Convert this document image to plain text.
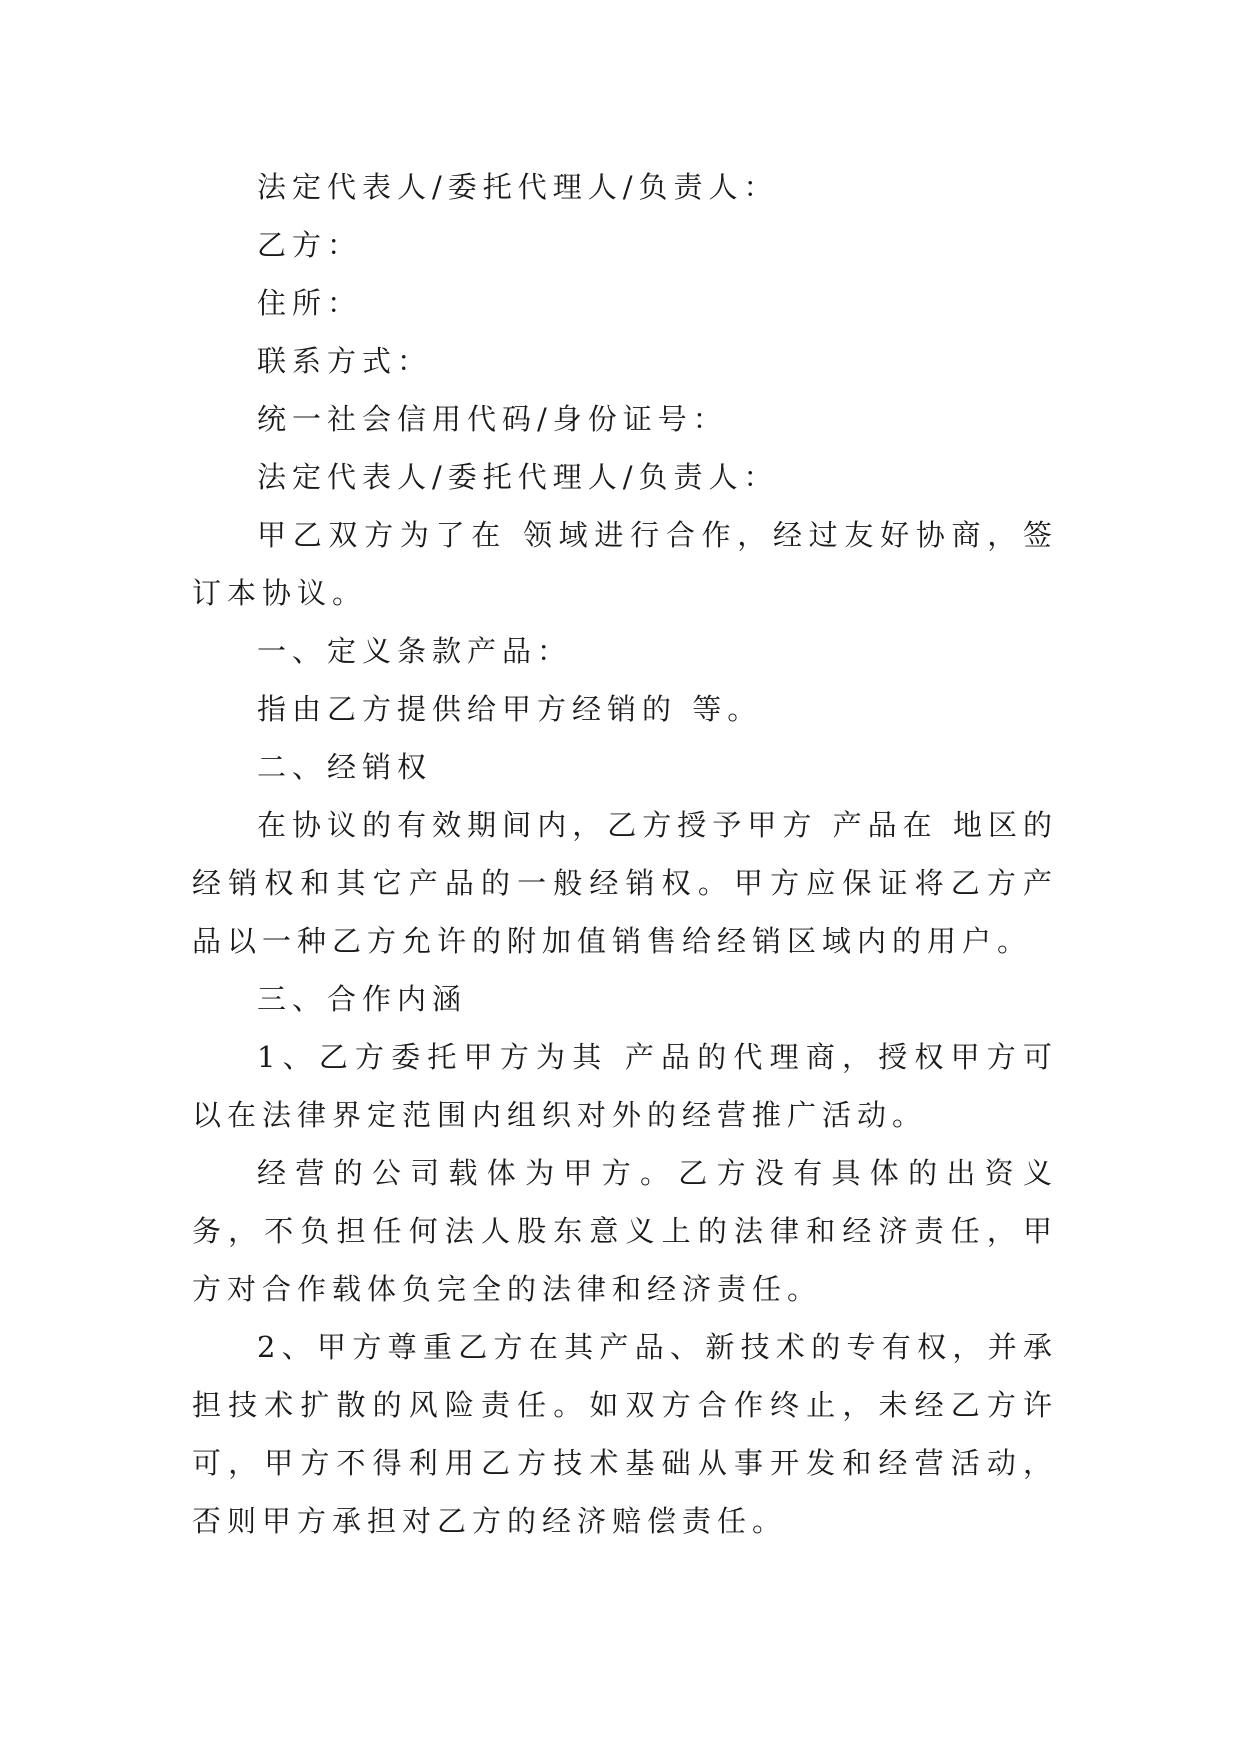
法定代表人/委托代理人/负责人：

乙方：

住所：

联系方式：

统一社会信用代码/身份证号：

法定代表人/委托代理人/负责人：

甲乙双方为了在 领域进行合作，经过友好协商，签订本协议。

一、定义条款产品：

指由乙方提供给甲方经销的 等。

二、经销权

在协议的有效期间内，乙方授予甲方 产品在 地区的经销权和其它产品的一般经销权。甲方应保证将乙方产品以一种乙方允许的附加值销售给经销区域内的用户。

三、合作内涵

1、乙方委托甲方为其 产品的代理商，授权甲方可以在法律界定范围内组织对外的经营推广活动。

经营的公司载体为甲方。乙方没有具体的出资义务，不负担任何法人股东意义上的法律和经济责任，甲方对合作载体负完全的法律和经济责任。

2、甲方尊重乙方在其产品、新技术的专有权，并承担技术扩散的风险责任。如双方合作终止，未经乙方许可，甲方不得利用乙方技术基础从事开发和经营活动，否则甲方承担对乙方的经济赔偿责任。
